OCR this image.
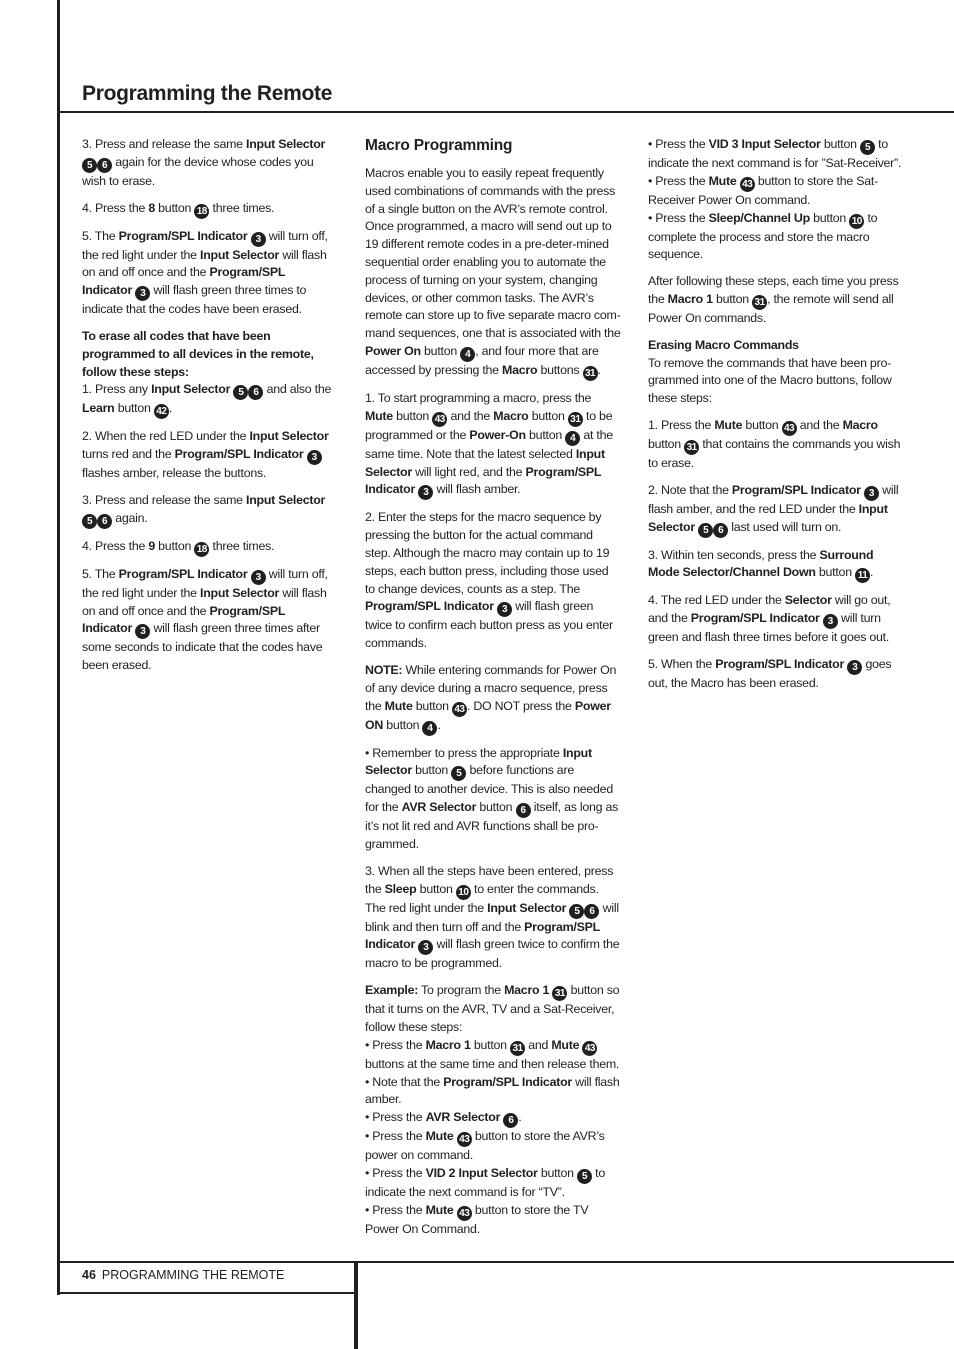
Programming the Remote

3. Press and release the same Input Selector 5 6 again for the device whose codes you wish to erase.

4. Press the 8 button 18 three times.

5. The Program/SPL Indicator 3 will turn off, the red light under the Input Selector will flash on and off once and the Program/SPL Indicator 3 will flash green three times to indicate that the codes have been erased.

To erase all codes that have been programmed to all devices in the remote, follow these steps:

1. Press any Input Selector 5 6 and also the Learn button 42 .

2. When the red LED under the Input Selector turns red and the Program/SPL Indicator 3 flashes amber, release the buttons.

3. Press and release the same Input Selector 5 6 again.

4. Press the 9 button 18 three times.

5. The Program/SPL Indicator 3 will turn off, the red light under the Input Selector will flash on and off once and the Program/SPL Indicator 3 will flash green three times after some seconds to indicate that the codes have been erased.

Macro Programming

Macros enable you to easily repeat frequently used combinations of commands with the press of a single button on the AVR’s remote control. Once programmed, a macro will send out up to 19 different remote codes in a pre-deter-mined sequential order enabling you to automate the process of turning on your system, changing devices, or other common tasks. The AVR’s remote can store up to five separate macro com-mand sequences, one that is associated with the Power On button 4 , and four more that are accessed by pressing the Macro buttons 31 .

1. To start programming a macro, press the Mute button 43 and the Macro button 31 to be programmed or the Power-On button 4 at the same time. Note that the latest selected Input Selector will light red, and the Program/SPL Indicator 3 will flash amber.

2. Enter the steps for the macro sequence by pressing the button for the actual command step. Although the macro may contain up to 19 steps, each button press, including those used to change devices, counts as a step. The Program/SPL Indicator 3 will flash green twice to confirm each button press as you enter commands.

NOTE: While entering commands for Power On of any device during a macro sequence, press the Mute button 43 . DO NOT press the Power ON button 4 .

• Remember to press the appropriate Input Selector button 5 before functions are changed to another device. This is also needed for the AVR Selector button 6 itself, as long as it’s not lit red and AVR functions shall be pro-grammed.

3. When all the steps have been entered, press the Sleep button 10 to enter the commands. The red light under the Input Selector 5 6 will blink and then turn off and the Program/SPL Indicator 3 will flash green twice to confirm the macro to be programmed.

Example: To program the Macro 1 31 button so that it turns on the AVR, TV and a Sat-Receiver, follow these steps:

• Press the Macro 1 button 31 and Mute 43 buttons at the same time and then release them.

• Note that the Program/SPL Indicator will flash amber.

• Press the AVR Selector 6 .

• Press the Mute 43 button to store the AVR’s power on command.

• Press the VID 2 Input Selector button 5 to indicate the next command is for “TV”.

• Press the Mute 43 button to store the TV Power On Command.

• Press the VID 3 Input Selector button 5 to indicate the next command is for ”Sat-Receiver”.

• Press the Mute 43 button to store the Sat-Receiver Power On command.

• Press the Sleep/Channel Up button 10 to complete the process and store the macro sequence.

After following these steps, each time you press the Macro 1 button 31 , the remote will send all Power On commands.

Erasing Macro Commands

To remove the commands that have been pro-grammed into one of the Macro buttons, follow these steps:

1. Press the Mute button 43 and the Macro button 31 that contains the commands you wish to erase.

2. Note that the Program/SPL Indicator 3 will flash amber, and the red LED under the Input Selector 5 6 last used will turn on.

3. Within ten seconds, press the Surround Mode Selector/Channel Down button 11 .

4. The red LED under the Selector will go out, and the Program/SPL Indicator 3 will turn green and flash three times before it goes out.

5. When the Program/SPL Indicator 3 goes out, the Macro has been erased.

46 PROGRAMMING THE REMOTE
